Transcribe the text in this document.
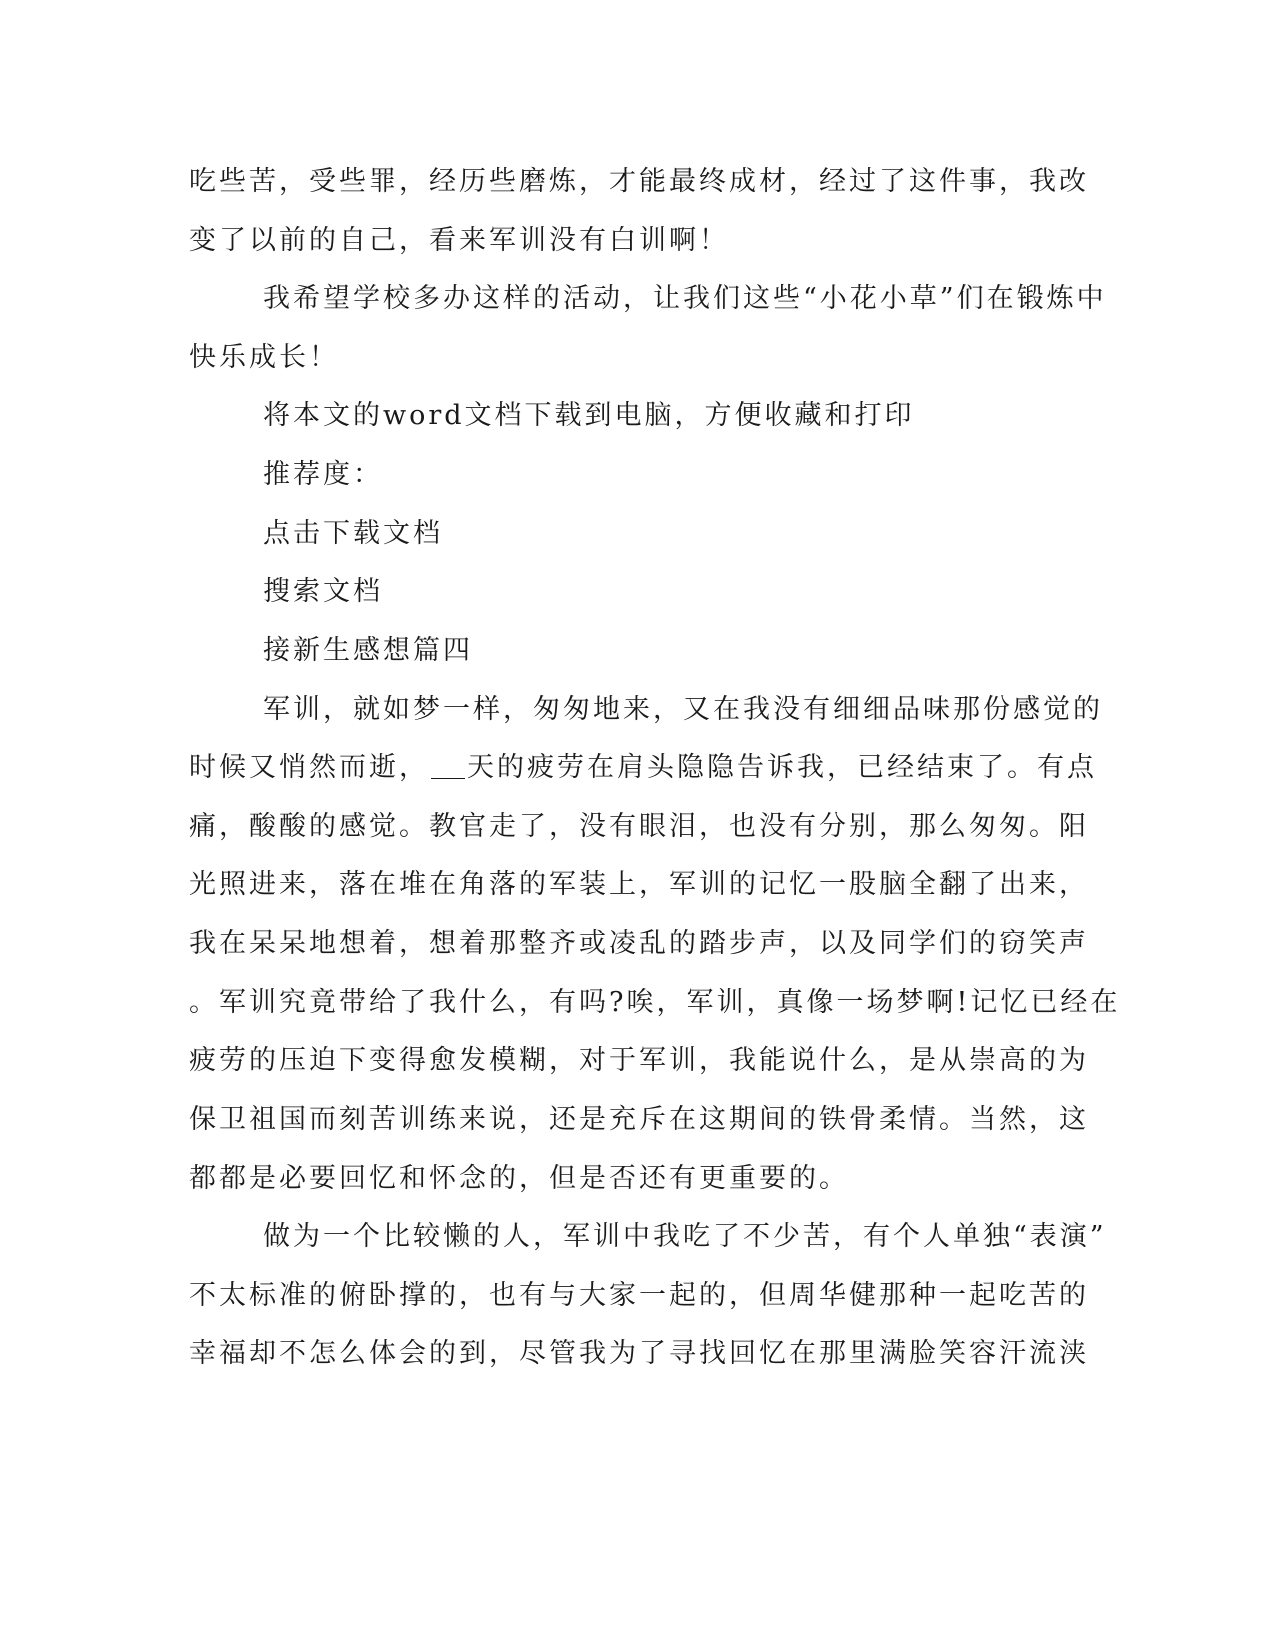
吃些苦，受些罪，经历些磨炼，才能最终成材，经过了这件事，我改
变了以前的自己，看来军训没有白训啊！
我希望学校多办这样的活动，让我们这些“小花小草”们在锻炼中
快乐成长！
将本文的word文档下载到电脑，方便收藏和打印
推荐度：
点击下载文档
搜索文档
接新生感想篇四
军训，就如梦一样，匆匆地来，又在我没有细细品味那份感觉的
时候又悄然而逝， 天的疲劳在肩头隐隐告诉我，已经结束了。有点
痛，酸酸的感觉。教官走了，没有眼泪，也没有分别，那么匆匆。阳
光照进来，落在堆在角落的军装上，军训的记忆一股脑全翻了出来，
我在呆呆地想着，想着那整齐或凌乱的踏步声，以及同学们的窃笑声
。军训究竟带给了我什么，有吗?唉，军训，真像一场梦啊!记忆已经在
疲劳的压迫下变得愈发模糊，对于军训，我能说什么，是从崇高的为
保卫祖国而刻苦训练来说，还是充斥在这期间的铁骨柔情。当然，这
都都是必要回忆和怀念的，但是否还有更重要的。
做为一个比较懒的人，军训中我吃了不少苦，有个人单独“表演”
不太标准的俯卧撑的，也有与大家一起的，但周华健那种一起吃苦的
幸福却不怎么体会的到，尽管我为了寻找回忆在那里满脸笑容汗流浃
